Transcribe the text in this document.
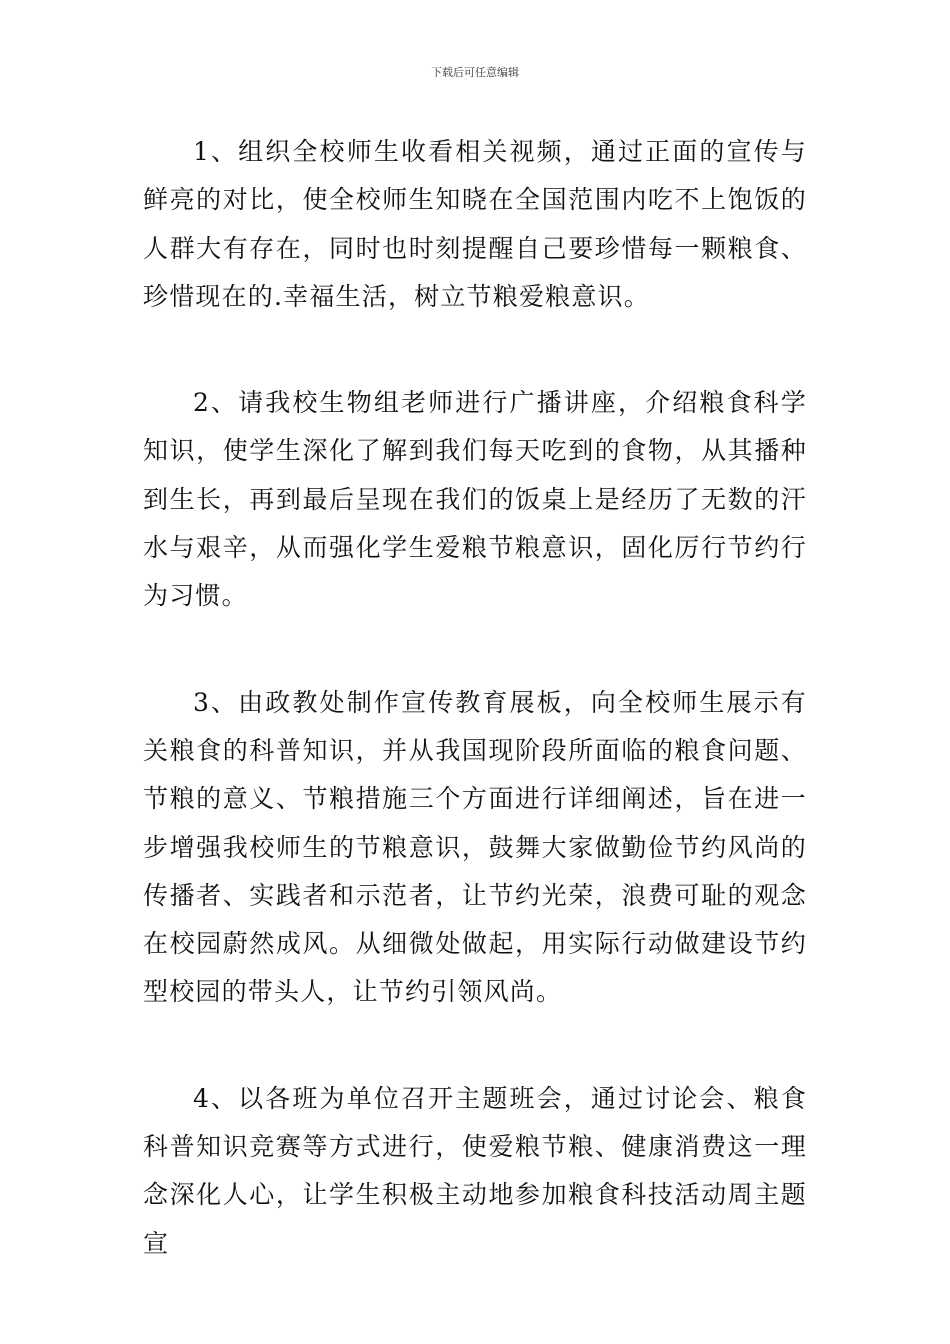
下载后可任意编辑

1、组织全校师生收看相关视频，通过正面的宣传与鲜亮的对比，使全校师生知晓在全国范围内吃不上饱饭的人群大有存在，同时也时刻提醒自己要珍惜每一颗粮食、珍惜现在的.幸福生活，树立节粮爱粮意识。

2、请我校生物组老师进行广播讲座，介绍粮食科学知识，使学生深化了解到我们每天吃到的食物，从其播种到生长，再到最后呈现在我们的饭桌上是经历了无数的汗水与艰辛，从而强化学生爱粮节粮意识，固化厉行节约行为习惯。

3、由政教处制作宣传教育展板，向全校师生展示有关粮食的科普知识，并从我国现阶段所面临的粮食问题、节粮的意义、节粮措施三个方面进行详细阐述，旨在进一步增强我校师生的节粮意识，鼓舞大家做勤俭节约风尚的传播者、实践者和示范者，让节约光荣，浪费可耻的观念在校园蔚然成风。从细微处做起，用实际行动做建设节约型校园的带头人，让节约引领风尚。

4、以各班为单位召开主题班会，通过讨论会、粮食科普知识竞赛等方式进行，使爱粮节粮、健康消费这一理念深化人心，让学生积极主动地参加粮食科技活动周主题宣
